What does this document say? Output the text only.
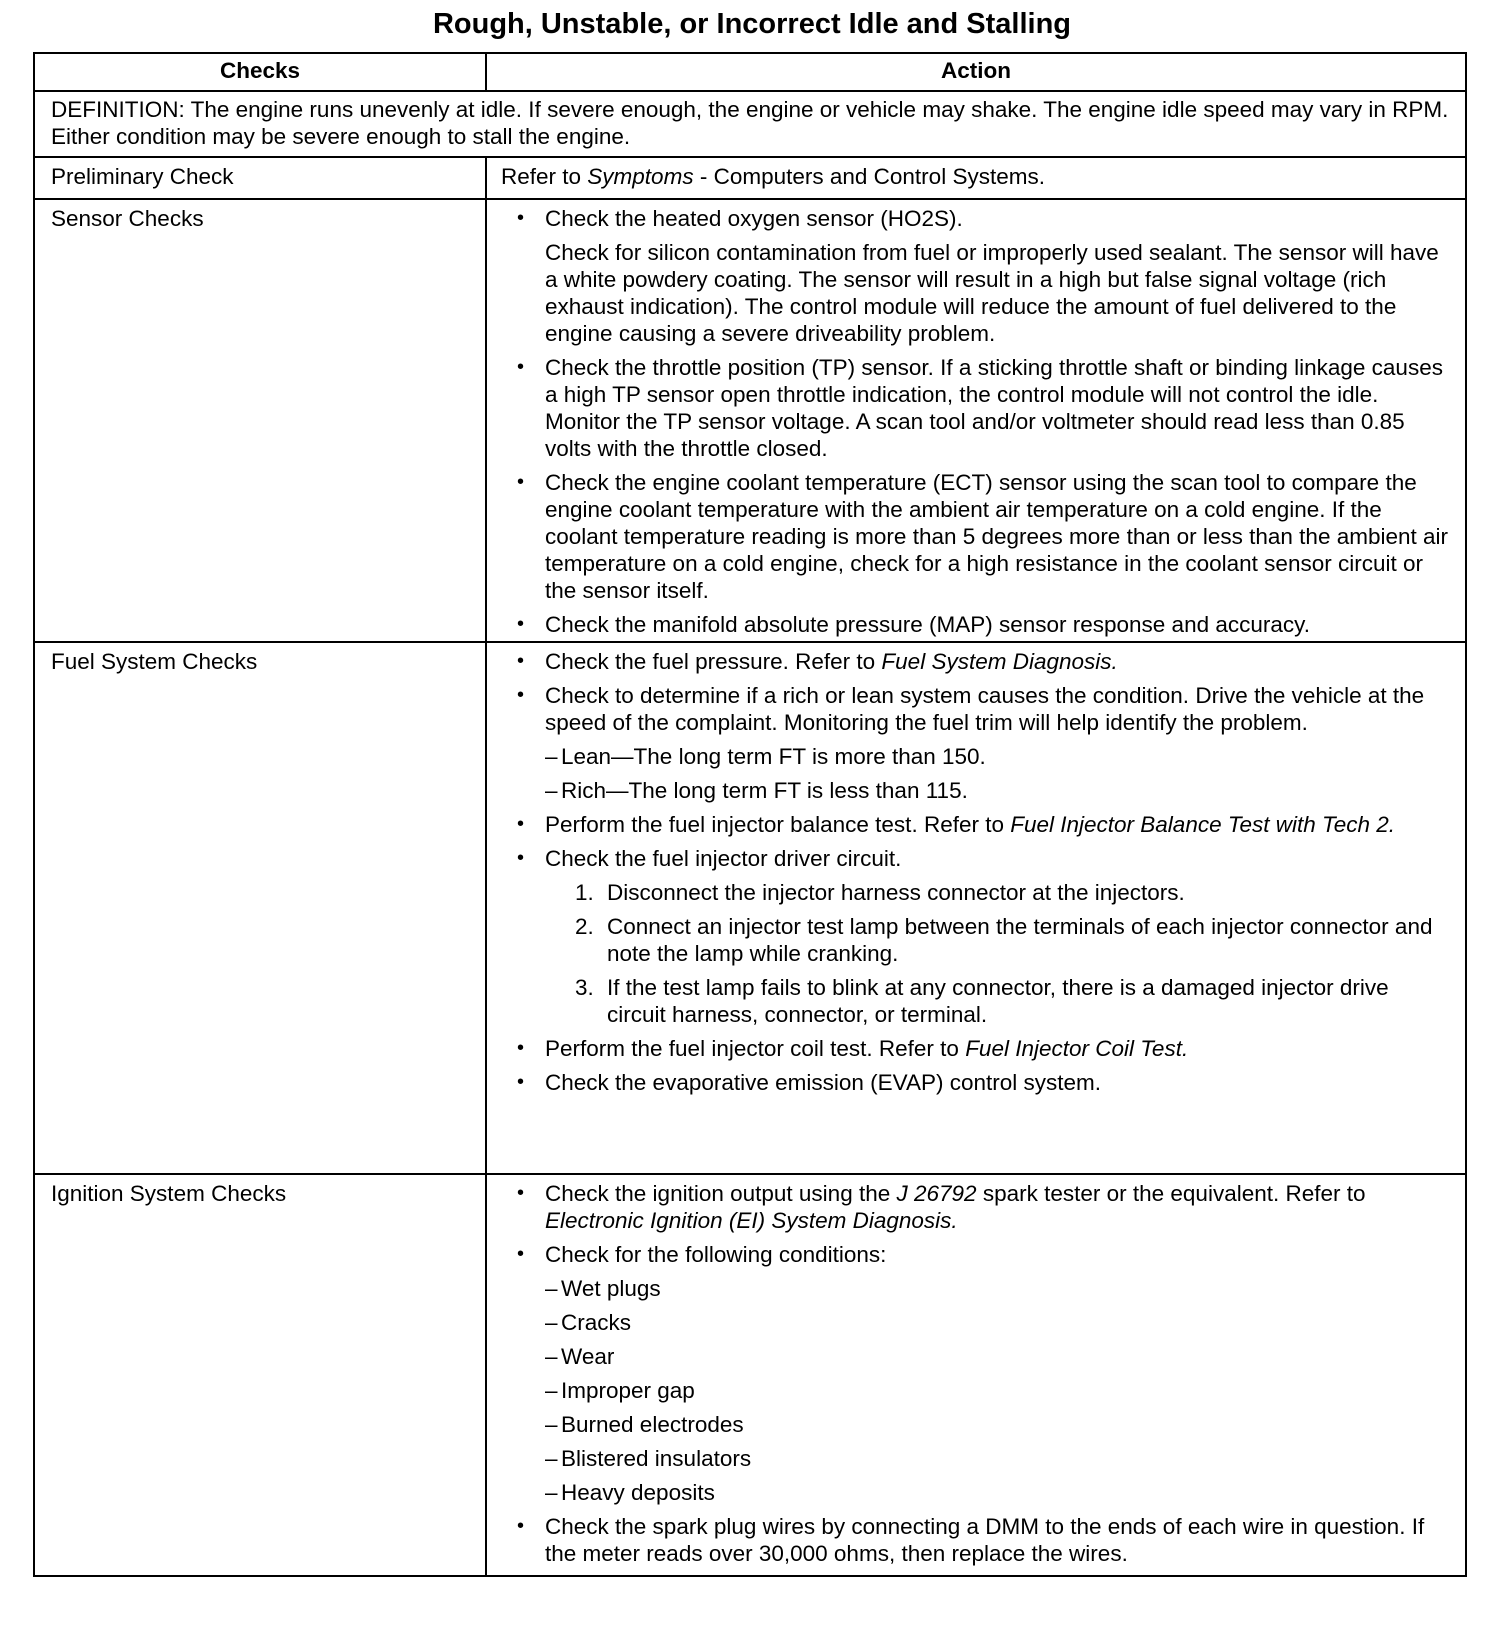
Rough, Unstable, or Incorrect Idle and Stalling
Checks	Action
DEFINITION: The engine runs unevenly at idle. If severe enough, the engine or vehicle may shake. The engine idle speed may vary in RPM. Either condition may be severe enough to stall the engine.
Preliminary Check	Refer to Symptoms - Computers and Control Systems.
Sensor Checks	• Check the heated oxygen sensor (HO2S).
Check for silicon contamination from fuel or improperly used sealant. The sensor will have a white powdery coating. The sensor will result in a high but false signal voltage (rich exhaust indication). The control module will reduce the amount of fuel delivered to the engine causing a severe driveability problem.
• Check the throttle position (TP) sensor. If a sticking throttle shaft or binding linkage causes a high TP sensor open throttle indication, the control module will not control the idle. Monitor the TP sensor voltage. A scan tool and/or voltmeter should read less than 0.85 volts with the throttle closed.
• Check the engine coolant temperature (ECT) sensor using the scan tool to compare the engine coolant temperature with the ambient air temperature on a cold engine. If the coolant temperature reading is more than 5 degrees more than or less than the ambient air temperature on a cold engine, check for a high resistance in the coolant sensor circuit or the sensor itself.
• Check the manifold absolute pressure (MAP) sensor response and accuracy.
Fuel System Checks	• Check the fuel pressure. Refer to Fuel System Diagnosis.
• Check to determine if a rich or lean system causes the condition. Drive the vehicle at the speed of the complaint. Monitoring the fuel trim will help identify the problem.
– Lean—The long term FT is more than 150.
– Rich—The long term FT is less than 115.
• Perform the fuel injector balance test. Refer to Fuel Injector Balance Test with Tech 2.
• Check the fuel injector driver circuit.
1. Disconnect the injector harness connector at the injectors.
2. Connect an injector test lamp between the terminals of each injector connector and note the lamp while cranking.
3. If the test lamp fails to blink at any connector, there is a damaged injector drive circuit harness, connector, or terminal.
• Perform the fuel injector coil test. Refer to Fuel Injector Coil Test.
• Check the evaporative emission (EVAP) control system.
Ignition System Checks	• Check the ignition output using the J 26792 spark tester or the equivalent. Refer to Electronic Ignition (EI) System Diagnosis.
• Check for the following conditions:
– Wet plugs
– Cracks
– Wear
– Improper gap
– Burned electrodes
– Blistered insulators
– Heavy deposits
• Check the spark plug wires by connecting a DMM to the ends of each wire in question. If the meter reads over 30,000 ohms, then replace the wires.
